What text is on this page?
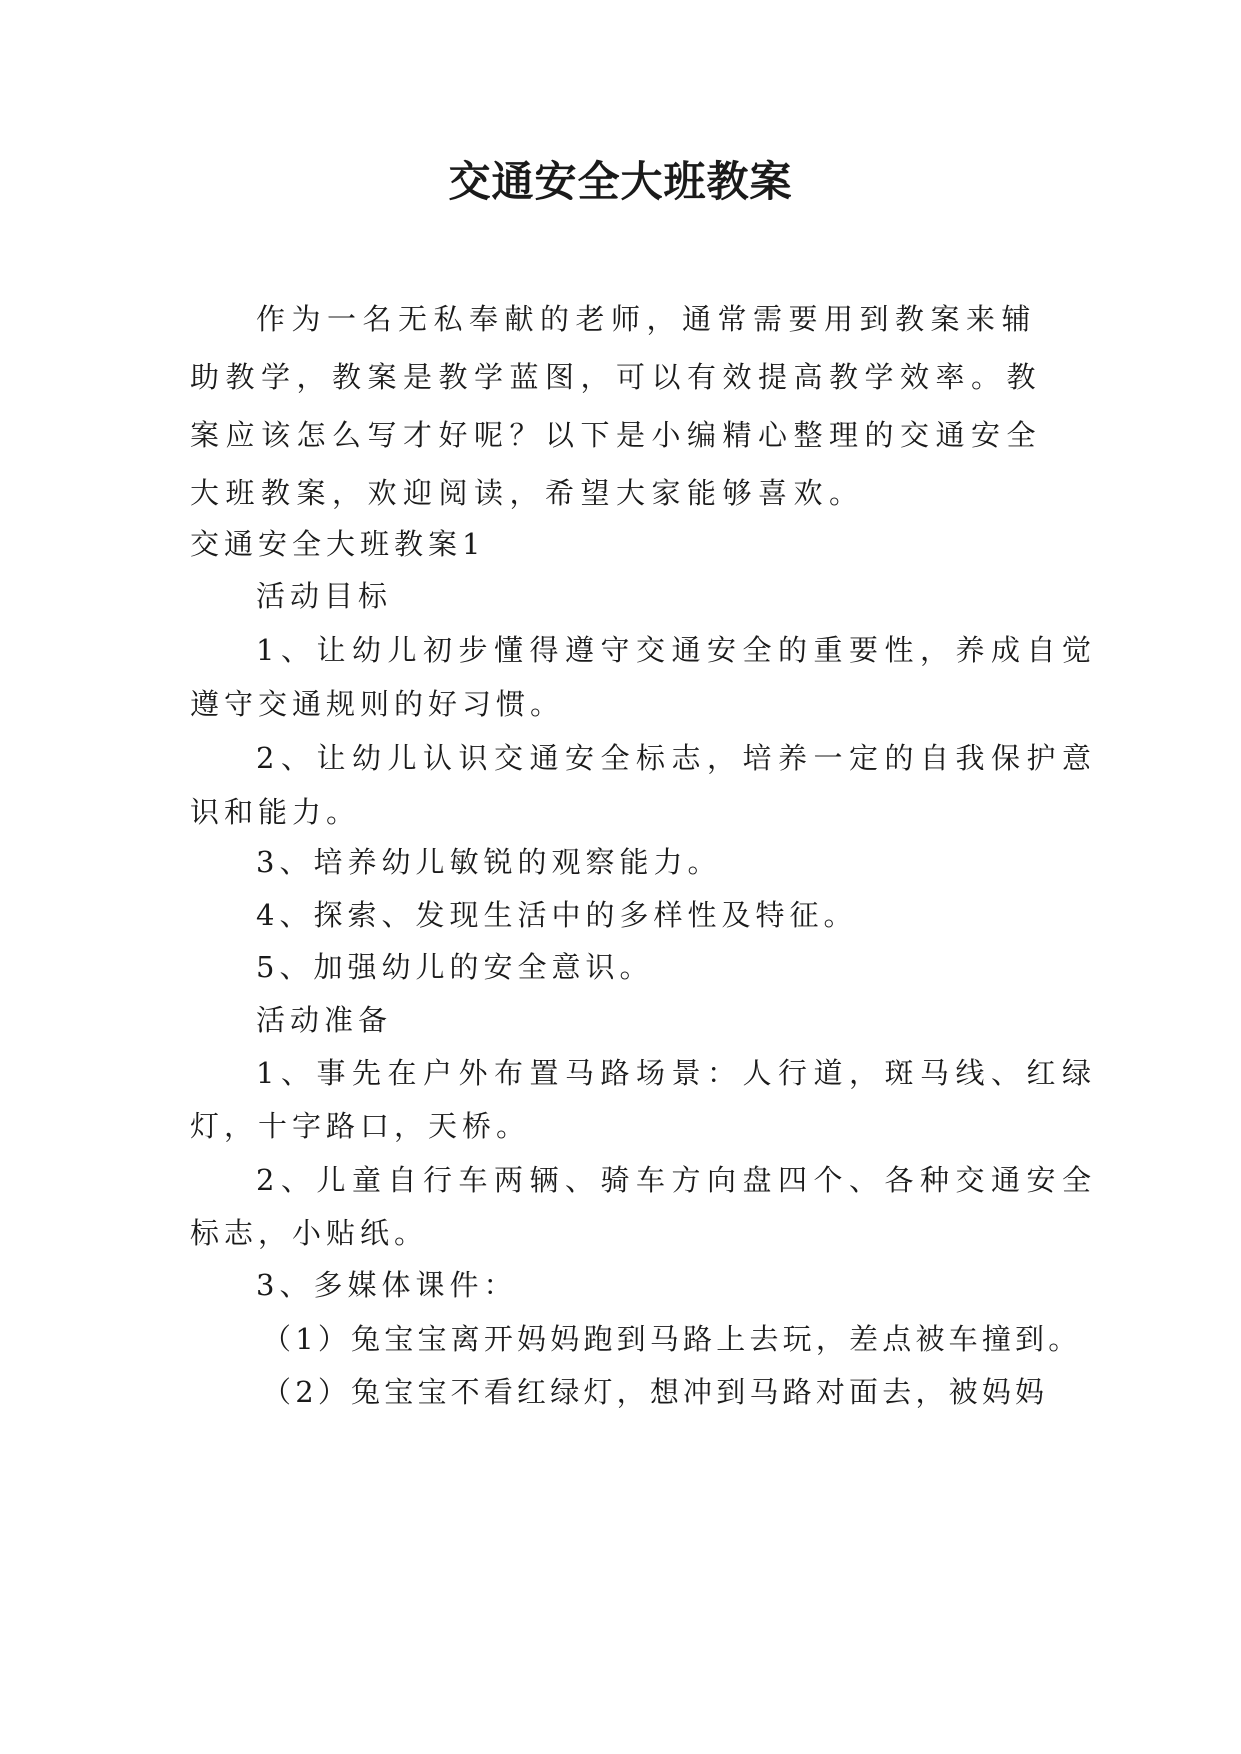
交通安全大班教案

作为一名无私奉献的老师，通常需要用到教案来辅助教学，教案是教学蓝图，可以有效提高教学效率。教案应该怎么写才好呢？以下是小编精心整理的交通安全大班教案，欢迎阅读，希望大家能够喜欢。

交通安全大班教案1

活动目标

1、让幼儿初步懂得遵守交通安全的重要性，养成自觉

遵守交通规则的好习惯。

2、让幼儿认识交通安全标志，培养一定的自我保护意

识和能力。

3、培养幼儿敏锐的观察能力。

4、探索、发现生活中的多样性及特征。

5、加强幼儿的安全意识。

活动准备

1、事先在户外布置马路场景：人行道，斑马线、红绿

灯，十字路口，天桥。

2、儿童自行车两辆、骑车方向盘四个、各种交通安全

标志，小贴纸。

3、多媒体课件：

（1）兔宝宝离开妈妈跑到马路上去玩，差点被车撞到。

（2）兔宝宝不看红绿灯，想冲到马路对面去，被妈妈
